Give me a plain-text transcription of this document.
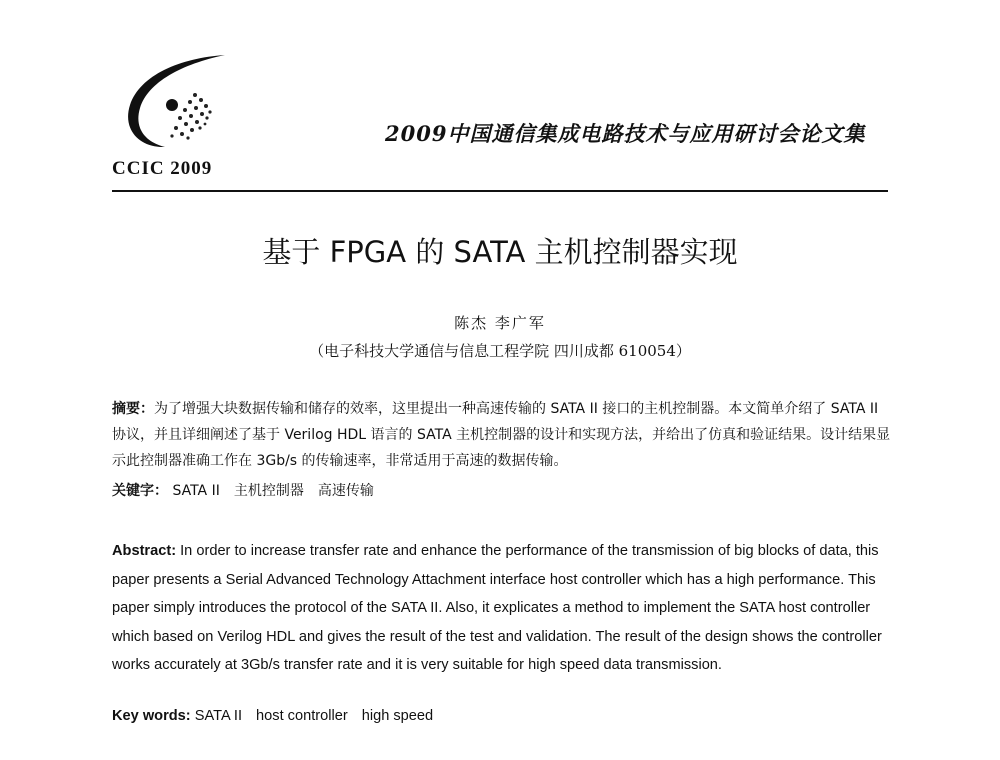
CCIC 2009
2009中国通信集成电路技术与应用研讨会论文集
基于 FPGA 的 SATA 主机控制器实现
陈杰 李广军
（电子科技大学通信与信息工程学院 四川成都 610054）
摘要：为了增强大块数据传输和储存的效率，这里提出一种高速传输的 SATA II 接口的主机控制器。本文简单介绍了 SATA II 协议，并且详细阐述了基于 Verilog HDL 语言的 SATA 主机控制器的设计和实现方法，并给出了仿真和验证结果。设计结果显示此控制器准确工作在 3Gb/s 的传输速率，非常适用于高速的数据传输。
关键字： SATA II 主机控制器 高速传输
Abstract: In order to increase transfer rate and enhance the performance of the transmission of big blocks of data, this paper presents a Serial Advanced Technology Attachment interface host controller which has a high performance. This paper simply introduces the protocol of the SATA II. Also, it explicates a method to implement the SATA host controller which based on Verilog HDL and gives the result of the test and validation. The result of the design shows the controller works accurately at 3Gb/s transfer rate and it is very suitable for high speed data transmission.
Key words: SATA II host controller high speed
